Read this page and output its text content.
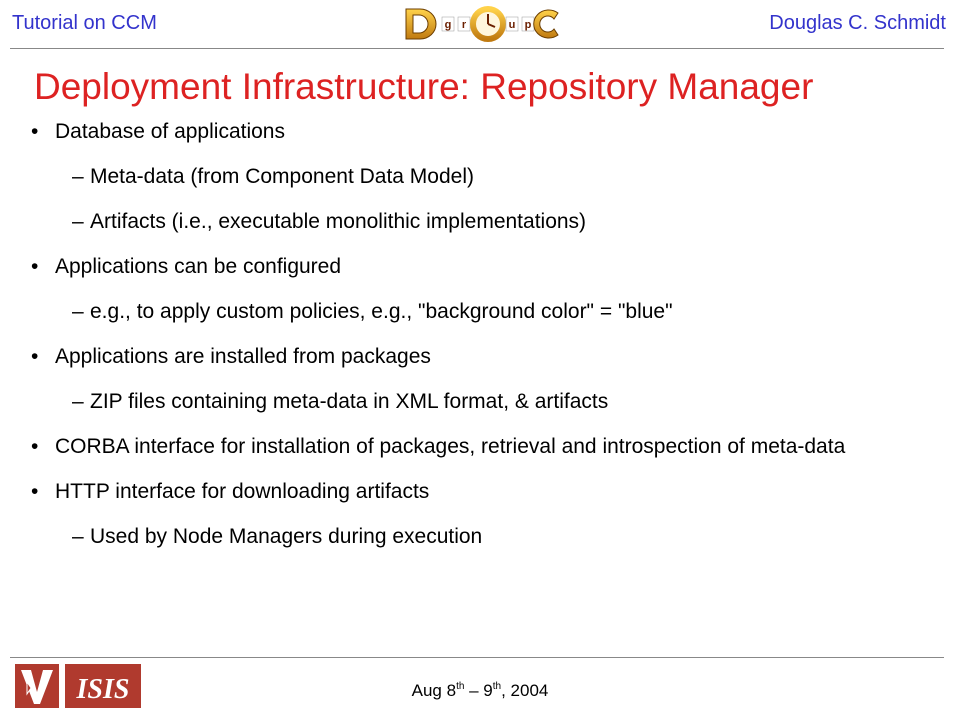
Tutorial on CCM	g r	u p	Douglas C. Schmidt
Deployment Infrastructure: Repository Manager
• Database of applications
– Meta-data (from Component Data Model)
– Artifacts (i.e., executable monolithic implementations)
• Applications can be configured
– e.g., to apply custom policies, e.g., "background color" = "blue"
• Applications are installed from packages
– ZIP files containing meta-data in XML format, & artifacts
• CORBA interface for installation of packages, retrieval and introspection of meta-data
• HTTP interface for downloading artifacts
– Used by Node Managers during execution
ISIS	Aug 8th – 9th, 2004
